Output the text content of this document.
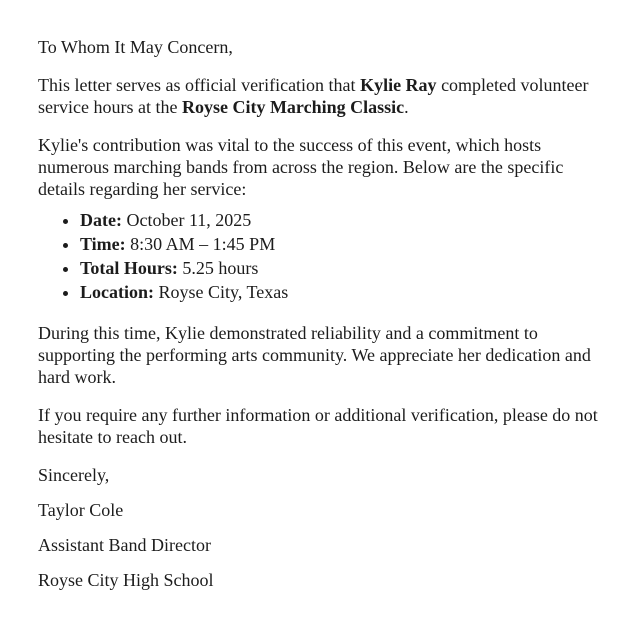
To Whom It May Concern,

This letter serves as official verification that Kylie Ray completed volunteer service hours at the Royse City Marching Classic.

Kylie's contribution was vital to the success of this event, which hosts numerous marching bands from across the region. Below are the specific details regarding her service:

• Date: October 11, 2025
• Time: 8:30 AM – 1:45 PM
• Total Hours: 5.25 hours
• Location: Royse City, Texas

During this time, Kylie demonstrated reliability and a commitment to supporting the performing arts community. We appreciate her dedication and hard work.

If you require any further information or additional verification, please do not hesitate to reach out.

Sincerely,

Taylor Cole

Assistant Band Director

Royse City High School
